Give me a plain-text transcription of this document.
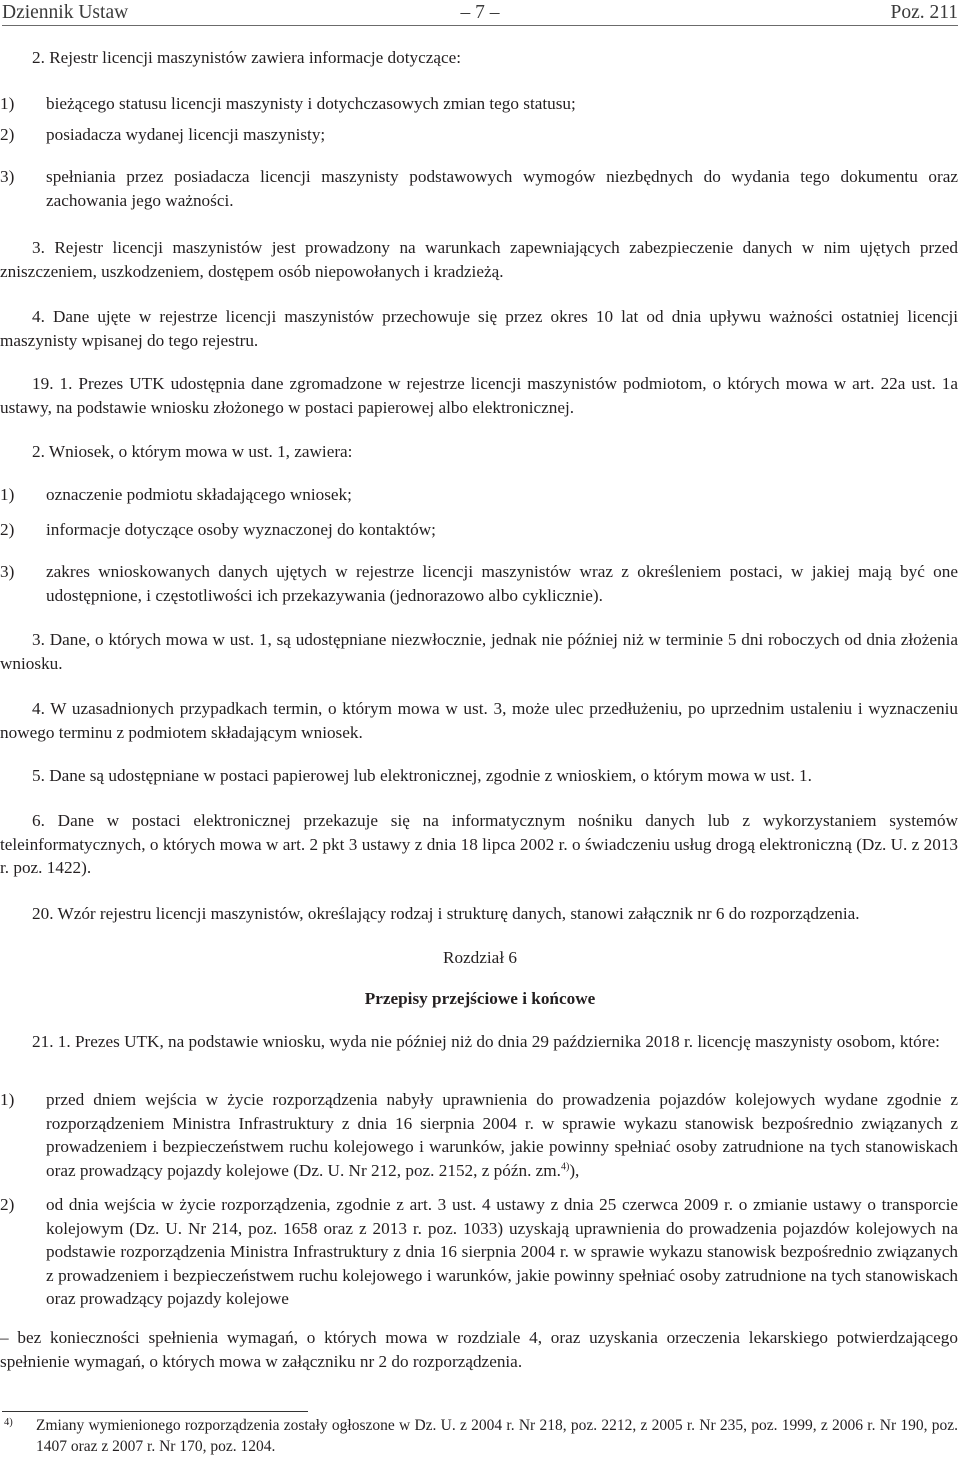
Dziennik Ustaw	– 7 –	Poz. 211

2. Rejestr licencji maszynistów zawiera informacje dotyczące:

1) bieżącego statusu licencji maszynisty i dotychczasowych zmian tego statusu;
2) posiadacza wydanej licencji maszynisty;
3) spełniania przez posiadacza licencji maszynisty podstawowych wymogów niezbędnych do wydania tego dokumentu oraz zachowania jego ważności.

3. Rejestr licencji maszynistów jest prowadzony na warunkach zapewniających zabezpieczenie danych w nim ujętych przed zniszczeniem, uszkodzeniem, dostępem osób niepowołanych i kradzieżą.

4. Dane ujęte w rejestrze licencji maszynistów przechowuje się przez okres 10 lat od dnia upływu ważności ostatniej licencji maszynisty wpisanej do tego rejestru.

19. 1. Prezes UTK udostępnia dane zgromadzone w rejestrze licencji maszynistów podmiotom, o których mowa w art. 22a ust. 1a ustawy, na podstawie wniosku złożonego w postaci papierowej albo elektronicznej.

2. Wniosek, o którym mowa w ust. 1, zawiera:

1) oznaczenie podmiotu składającego wniosek;
2) informacje dotyczące osoby wyznaczonej do kontaktów;
3) zakres wnioskowanych danych ujętych w rejestrze licencji maszynistów wraz z określeniem postaci, w jakiej mają być one udostępnione, i częstotliwości ich przekazywania (jednorazowo albo cyklicznie).

3. Dane, o których mowa w ust. 1, są udostępniane niezwłocznie, jednak nie później niż w terminie 5 dni roboczych od dnia złożenia wniosku.

4. W uzasadnionych przypadkach termin, o którym mowa w ust. 3, może ulec przedłużeniu, po uprzednim ustaleniu i wyznaczeniu nowego terminu z podmiotem składającym wniosek.

5. Dane są udostępniane w postaci papierowej lub elektronicznej, zgodnie z wnioskiem, o którym mowa w ust. 1.

6. Dane w postaci elektronicznej przekazuje się na informatycznym nośniku danych lub z wykorzystaniem systemów teleinformatycznych, o których mowa w art. 2 pkt 3 ustawy z dnia 18 lipca 2002 r. o świadczeniu usług drogą elektroniczną (Dz. U. z 2013 r. poz. 1422).

20. Wzór rejestru licencji maszynistów, określający rodzaj i strukturę danych, stanowi załącznik nr 6 do rozporządzenia.

Rozdział 6
Przepisy przejściowe i końcowe

21. 1. Prezes UTK, na podstawie wniosku, wyda nie później niż do dnia 29 października 2018 r. licencję maszynisty osobom, które:

1) przed dniem wejścia w życie rozporządzenia nabyły uprawnienia do prowadzenia pojazdów kolejowych wydane zgodnie z rozporządzeniem Ministra Infrastruktury z dnia 16 sierpnia 2004 r. w sprawie wykazu stanowisk bezpośrednio związanych z prowadzeniem i bezpieczeństwem ruchu kolejowego i warunków, jakie powinny spełniać osoby zatrudnione na tych stanowiskach oraz prowadzący pojazdy kolejowe (Dz. U. Nr 212, poz. 2152, z późn. zm.$^{4)}$),
2) od dnia wejścia w życie rozporządzenia, zgodnie z art. 3 ust. 4 ustawy z dnia 25 czerwca 2009 r. o zmianie ustawy o transporcie kolejowym (Dz. U. Nr 214, poz. 1658 oraz z 2013 r. poz. 1033) uzyskają uprawnienia do prowadzenia pojazdów kolejowych na podstawie rozporządzenia Ministra Infrastruktury z dnia 16 sierpnia 2004 r. w sprawie wykazu stanowisk bezpośrednio związanych z prowadzeniem i bezpieczeństwem ruchu kolejowego i warunków, jakie powinny spełniać osoby zatrudnione na tych stanowiskach oraz prowadzący pojazdy kolejowe

– bez konieczności spełnienia wymagań, o których mowa w rozdziale 4, oraz uzyskania orzeczenia lekarskiego potwierdzającego spełnienie wymagań, o których mowa w załączniku nr 2 do rozporządzenia.

4) Zmiany wymienionego rozporządzenia zostały ogłoszone w Dz. U. z 2004 r. Nr 218, poz. 2212, z 2005 r. Nr 235, poz. 1999, z 2006 r. Nr 190, poz. 1407 oraz z 2007 r. Nr 170, poz. 1204.
